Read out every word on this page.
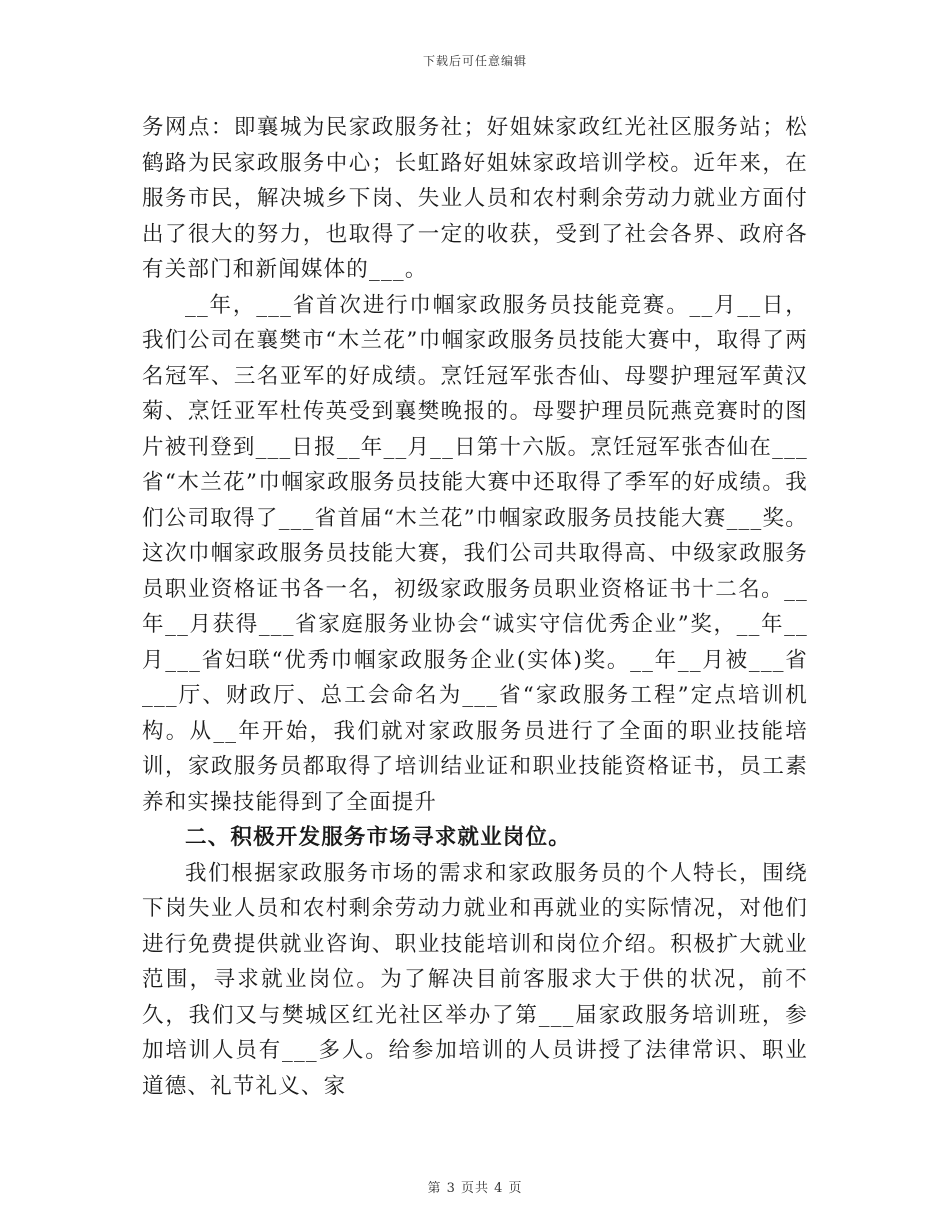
下载后可任意编辑

务网点：即襄城为民家政服务社；好姐妹家政红光社区服务站；松鹤路为民家政服务中心；长虹路好姐妹家政培训学校。近年来，在服务市民，解决城乡下岗、失业人员和农村剩余劳动力就业方面付出了很大的努力，也取得了一定的收获，受到了社会各界、政府各有关部门和新闻媒体的___。

__年，___省首次进行巾帼家政服务员技能竞赛。__月__日，我们公司在襄樊市“木兰花”巾帼家政服务员技能大赛中，取得了两名冠军、三名亚军的好成绩。烹饪冠军张杏仙、母婴护理冠军黄汉菊、烹饪亚军杜传英受到襄樊晚报的。母婴护理员阮燕竞赛时的图片被刊登到___日报__年__月__日第十六版。烹饪冠军张杏仙在___省“木兰花”巾帼家政服务员技能大赛中还取得了季军的好成绩。我们公司取得了___省首届“木兰花”巾帼家政服务员技能大赛___奖。这次巾帼家政服务员技能大赛，我们公司共取得高、中级家政服务员职业资格证书各一名，初级家政服务员职业资格证书十二名。__年__月获得___省家庭服务业协会“诚实守信优秀企业”奖，__年__月___省妇联“优秀巾帼家政服务企业(实体)奖。__年__月被___省___厅、财政厅、总工会命名为___省“家政服务工程”定点培训机构。从__年开始，我们就对家政服务员进行了全面的职业技能培训，家政服务员都取得了培训结业证和职业技能资格证书，员工素养和实操技能得到了全面提升

二、积极开发服务市场寻求就业岗位。

我们根据家政服务市场的需求和家政服务员的个人特长，围绕下岗失业人员和农村剩余劳动力就业和再就业的实际情况，对他们进行免费提供就业咨询、职业技能培训和岗位介绍。积极扩大就业范围，寻求就业岗位。为了解决目前客服求大于供的状况，前不久，我们又与樊城区红光社区举办了第___届家政服务培训班，参加培训人员有___多人。给参加培训的人员讲授了法律常识、职业道德、礼节礼义、家

第 3 页共 4 页
